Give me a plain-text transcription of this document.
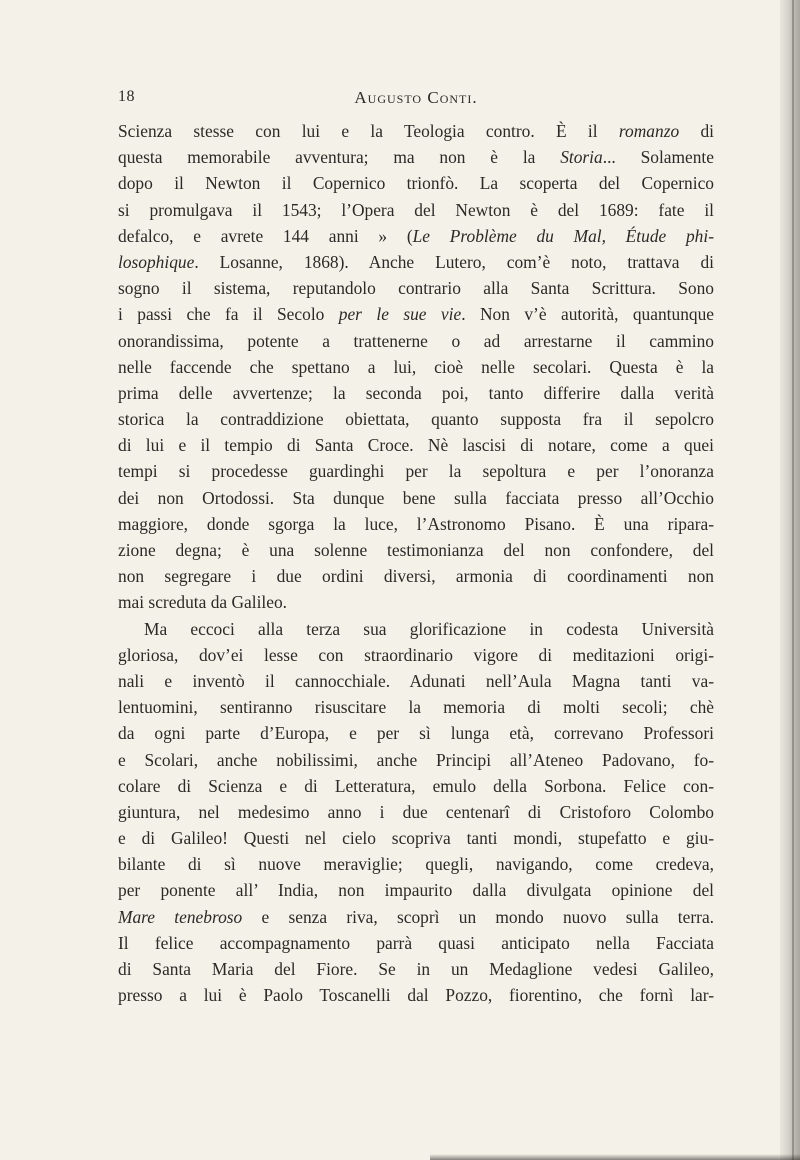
18	Augusto Conti.
Scienza stesse con lui e la Teologia contro. È il romanzo di
questa memorabile avventura; ma non è la Storia... Solamente
dopo il Newton il Copernico trionfò. La scoperta del Copernico
si promulgava il 1543; l’Opera del Newton è del 1689: fate il
defalco, e avrete 144 anni » (Le Problème du Mal, Étude phi-
losophique. Losanne, 1868). Anche Lutero, com’è noto, trattava di
sogno il sistema, reputandolo contrario alla Santa Scrittura. Sono
i passi che fa il Secolo per le sue vie. Non v’è autorità, quantunque
onorandissima, potente a trattenerne o ad arrestarne il cammino
nelle faccende che spettano a lui, cioè nelle secolari. Questa è la
prima delle avvertenze; la seconda poi, tanto differire dalla verità
storica la contraddizione obiettata, quanto supposta fra il sepolcro
di lui e il tempio di Santa Croce. Nè lascisi di notare, come a quei
tempi si procedesse guardinghi per la sepoltura e per l’onoranza
dei non Ortodossi. Sta dunque bene sulla facciata presso all’Occhio
maggiore, donde sgorga la luce, l’Astronomo Pisano. È una ripara-
zione degna; è una solenne testimonianza del non confondere, del
non segregare i due ordini diversi, armonia di coordinamenti non
mai screduta da Galileo.
Ma eccoci alla terza sua glorificazione in codesta Università
gloriosa, dov’ei lesse con straordinario vigore di meditazioni origi-
nali e inventò il cannocchiale. Adunati nell’Aula Magna tanti va-
lentuomini, sentiranno risuscitare la memoria di molti secoli; chè
da ogni parte d’Europa, e per sì lunga età, correvano Professori
e Scolari, anche nobilissimi, anche Principi all’Ateneo Padovano, fo-
colare di Scienza e di Letteratura, emulo della Sorbona. Felice con-
giuntura, nel medesimo anno i due centenarî di Cristoforo Colombo
e di Galileo! Questi nel cielo scopriva tanti mondi, stupefatto e giu-
bilante di sì nuove meraviglie; quegli, navigando, come credeva,
per ponente all’ India, non impaurito dalla divulgata opinione del
Mare tenebroso e senza riva, scoprì un mondo nuovo sulla terra.
Il felice accompagnamento parrà quasi anticipato nella Facciata
di Santa Maria del Fiore. Se in un Medaglione vedesi Galileo,
presso a lui è Paolo Toscanelli dal Pozzo, fiorentino, che fornì lar-
